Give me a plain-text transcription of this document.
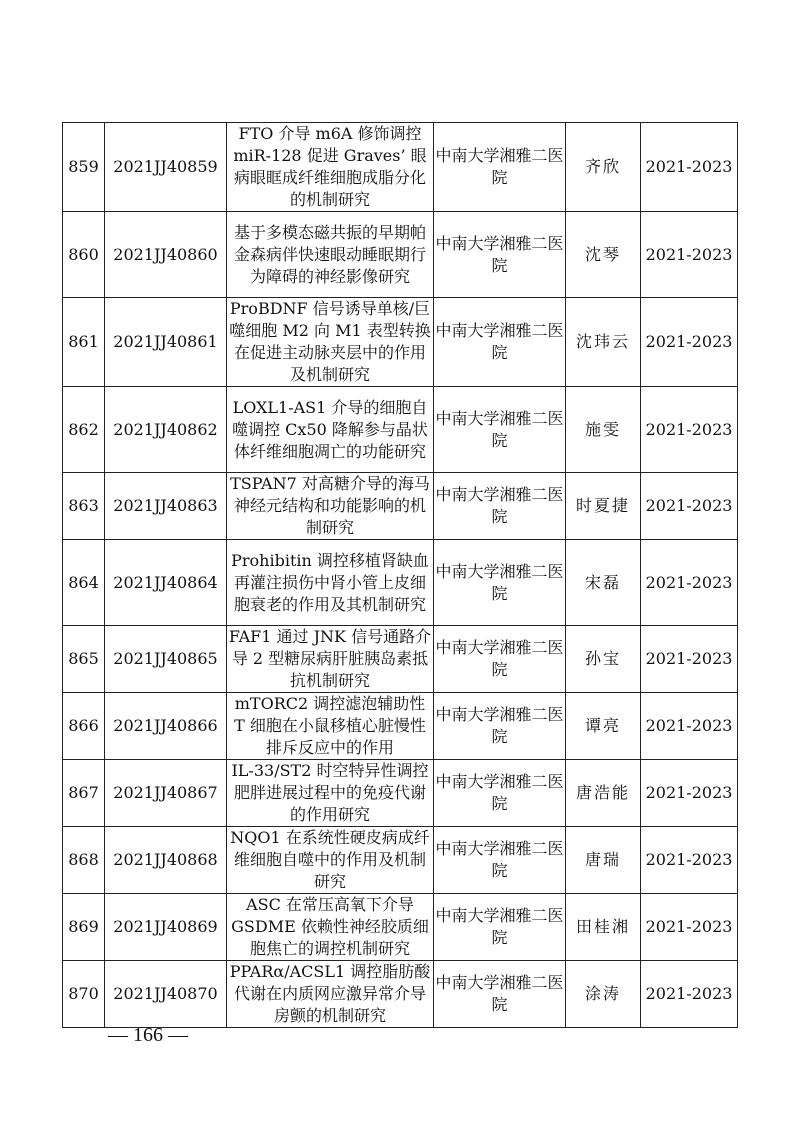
859	2021JJ40859	FTO 介导 m6A 修饰调控 miR-128 促进 Graves’ 眼病眼眶成纤维细胞成脂分化的机制研究	中南大学湘雅二医院	齐欣	2021-2023
860	2021JJ40860	基于多模态磁共振的早期帕金森病伴快速眼动睡眠期行为障碍的神经影像研究	中南大学湘雅二医院	沈琴	2021-2023
861	2021JJ40861	ProBDNF 信号诱导单核/巨噬细胞 M2 向 M1 表型转换在促进主动脉夹层中的作用及机制研究	中南大学湘雅二医院	沈玮云	2021-2023
862	2021JJ40862	LOXL1-AS1 介导的细胞自噬调控 Cx50 降解参与晶状体纤维细胞凋亡的功能研究	中南大学湘雅二医院	施雯	2021-2023
863	2021JJ40863	TSPAN7 对高糖介导的海马神经元结构和功能影响的机制研究	中南大学湘雅二医院	时夏捷	2021-2023
864	2021JJ40864	Prohibitin 调控移植肾缺血再灌注损伤中肾小管上皮细胞衰老的作用及其机制研究	中南大学湘雅二医院	宋磊	2021-2023
865	2021JJ40865	FAF1 通过 JNK 信号通路介导 2 型糖尿病肝脏胰岛素抵抗机制研究	中南大学湘雅二医院	孙宝	2021-2023
866	2021JJ40866	mTORC2 调控滤泡辅助性 T 细胞在小鼠移植心脏慢性排斥反应中的作用	中南大学湘雅二医院	谭亮	2021-2023
867	2021JJ40867	IL-33/ST2 时空特异性调控肥胖进展过程中的免疫代谢的作用研究	中南大学湘雅二医院	唐浩能	2021-2023
868	2021JJ40868	NQO1 在系统性硬皮病成纤维细胞自噬中的作用及机制研究	中南大学湘雅二医院	唐瑞	2021-2023
869	2021JJ40869	ASC 在常压高氧下介导 GSDME 依赖性神经胶质细胞焦亡的调控机制研究	中南大学湘雅二医院	田桂湘	2021-2023
870	2021JJ40870	PPARα/ACSL1 调控脂肪酸代谢在内质网应激异常介导房颤的机制研究	中南大学湘雅二医院	涂涛	2021-2023
— 166 —
